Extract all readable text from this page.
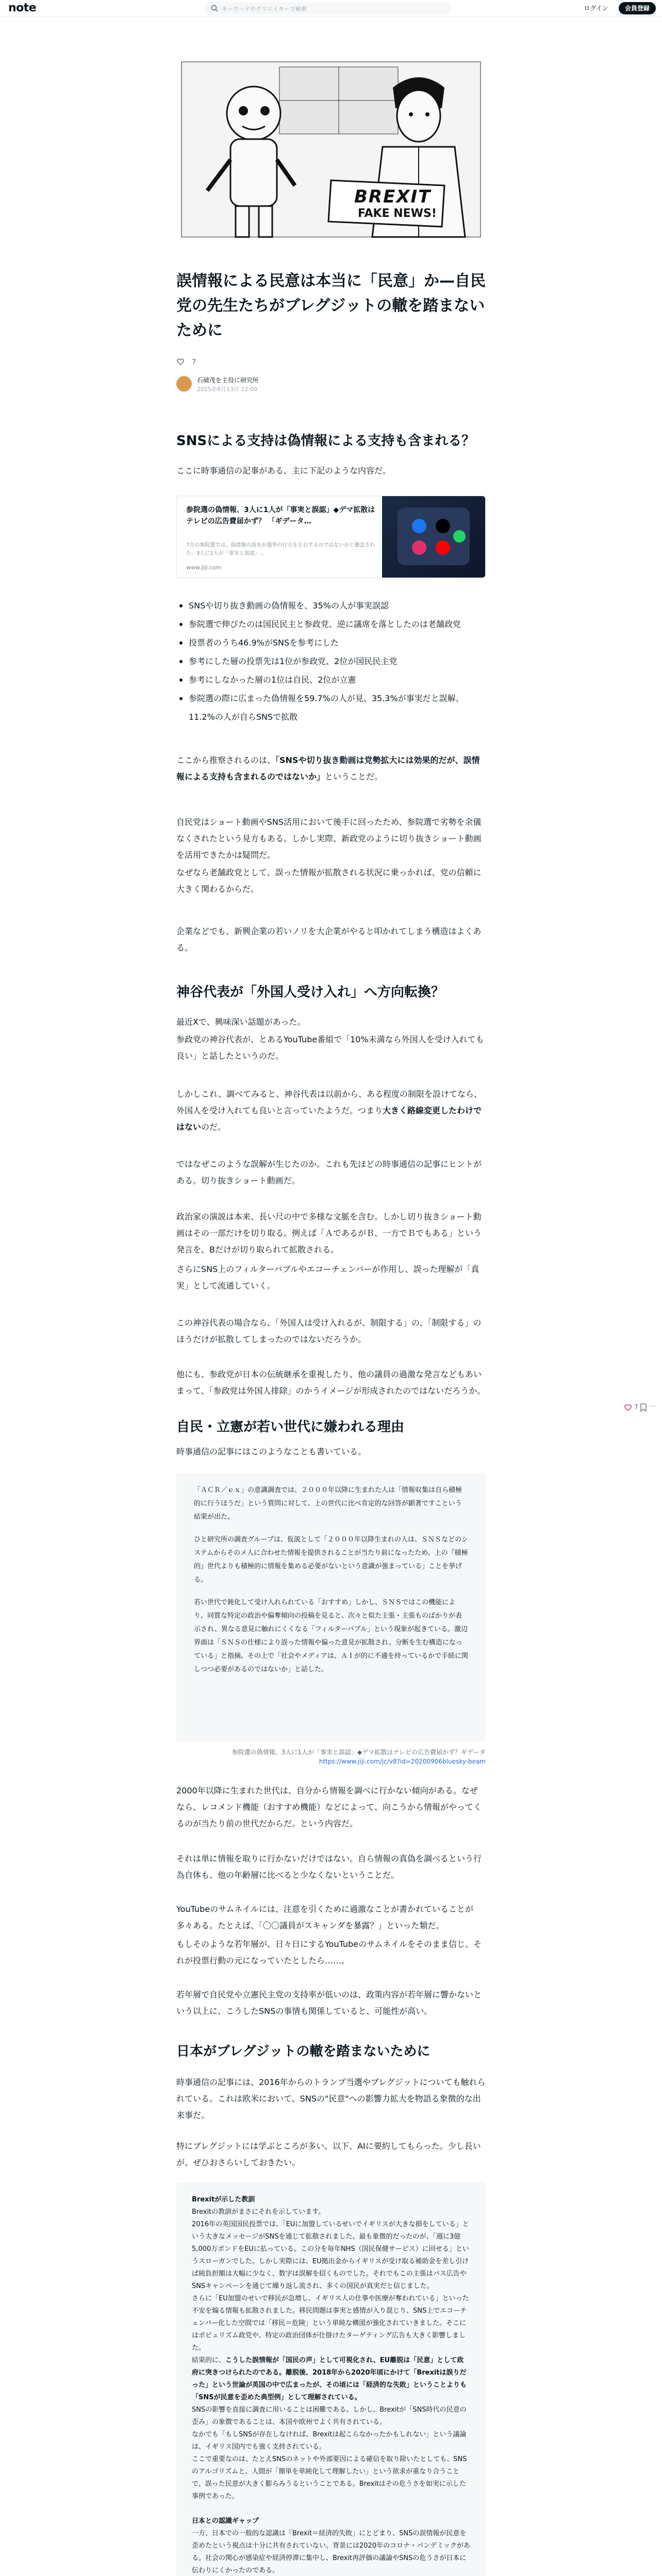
note	キーワードやクリエイターで検索	ログイン	会員登録
BREXIT
FAKE NEWS!
誤情報による民意は本当に「民意」か—自民党の先生たちがブレグジットの轍を踏まないために
7
石破茂を主役に研究所
2025年8月13日 12:00
SNSによる支持は偽情報による支持も含まれる？

ここに時事通信の記事がある。主に下記のような内容だ。

参院選の偽情報、3人に1人が「事実と誤認」◆デマ拡散はテレビの広告費届かず？ 「ギデータ…
7月の参院選では、偽情報の流布が選挙の行方を左右するのではないかと懸念された。3人に1人が「事実と誤認」…
www.jiji.com
SNSや切り抜き動画の偽情報を、35%の人が事実誤認
参院選で伸びたのは国民民主と参政党、逆に議席を落としたのは老舗政党
投票者のうち46.9%がSNSを参考にした
参考にした層の投票先は1位が参政党、2位が国民民主党
参考にしなかった層の1位は自民、2位が立憲
参院選の際に広まった偽情報を59.7%の人が見、35.3%が事実だと誤解、11.2%の人が自らSNSで拡散

ここから推察されるのは、「SNSや切り抜き動画は党勢拡大には効果的だが、誤情報による支持も含まれるのではないか」ということだ。

自民党はショート動画やSNS活用において後手に回ったため、参院選で劣勢を余儀なくされたという見方もある。しかし実際、新政党のように切り抜きショート動画を活用できたかは疑問だ。

なぜなら老舗政党として、誤った情報が拡散される状況に乗っかれば、党の信頼に大きく関わるからだ。

企業などでも、新興企業の若いノリを大企業がやると叩かれてしまう構造はよくある。

神谷代表が「外国人受け入れ」へ方向転換？

最近Xで、興味深い話題があった。

参政党の神谷代表が、とあるYouTube番組で「10%未満なら外国人を受け入れても良い」と話したというのだ。

しかしこれ、調べてみると、神谷代表は以前から、ある程度の制限を設けてなら、外国人を受け入れても良いと言っていたようだ。つまり大きく路線変更したわけではないのだ。

ではなぜこのような誤解が生じたのか。これも先ほどの時事通信の記事にヒントがある。切り抜きショート動画だ。

政治家の演説は本来、長い尺の中で多様な文脈を含む。しかし切り抜きショート動画はその一部だけを切り取る。例えば「ＡであるがＢ、一方でＢでもある」という発言を、Bだけが切り取られて拡散される。

さらにSNS上のフィルターバブルやエコーチェンバーが作用し、誤った理解が「真実」として流通していく。

この神谷代表の場合なら、「外国人は受け入れるが、制限する」の、「制限する」のほうだけが拡散してしまったのではないだろうか。

他にも、参政党が日本の伝統継承を重視したり、他の議員の過激な発言などもあいまって、「参政党は外国人排除」のかうイメージが形成されたのではないだろうか。

自民・立憲が若い世代に嫌われる理由

時事通信の記事にはこのようなことも書いている。

「ＡＣＲ／ｅｘ」の意識調査では、２０００年以降に生まれた人は「情報収集は自ら積極的に行うほうだ」という質問に対して、上の世代に比べ肯定的な回答が顕著ですこという結果が出た。

ひと研究所の調査グループは、仮説として「２０００年以降生まれの人は、ＳＮＳなどのシステムからそのメ人に合わせた情報を提供されることが当たり前になったため、上の『積極的』世代よりも積極的に情報を集める必要がないという意識が強まっている」ことを挙げる。

若い世代で鈍化して受け入れられている「おすすめ」しかし、ＳＮＳではこの機能により、同質な特定の政治や偏奪傾向の投稿を見ると、次々と似た主張・主張ものばかりが表示され、異なる意見に触れにくくなる「フィルターバブル」という現象が起きている。激辺界面は「ＳＮＳの仕様により誤った情報や偏った意見が拡散され、分断を生む構造になっている」と指摘。その上で「社会やメディアは、ＡＩが的に不適を持っているかで手続に関しつつ必要があるのではないか」と話した。

参院選の偽情報、3人に1人が「事実と誤認」◆デマ拡散はテレビの広告費届かず？ギデータ
https://www.jiji.com/jc/v8?id=20200906bluesky-beam

2000年以降に生まれた世代は、自分から情報を調べに行かない傾向がある。なぜなら、レコメンド機能（おすすめ機能）などによって、向こうから情報がやってくるのが当たり前の世代だからだ。という内容だ。

それは単に情報を取りに行かないだけではない。自ら情報の真偽を調べるという行為自体も、他の年齢層に比べると少なくないということだ。

YouTubeのサムネイルには、注意を引くために過激なことが書かれていることが多々ある。たとえば、「〇〇議員がスキャンダを暴露？」といった類だ。

もしそのような若年層が、日々日にするYouTubeのサムネイルをそのまま信じ、それが投票行動の元になっていたとしたら……。

若年層で自民党や立憲民主党の支持率が低いのは、政策内容が若年層に響かないという以上に、こうしたSNSの事情も関係していると、可能性が高い。

日本がブレグジットの轍を踏まないために

時事通信の記事には、2016年からのトランプ当選やブレグジットについても触れられている。これは欧米において、SNSの"民意"への影響力拡大を物語る象徴的な出来事だ。

特にブレグジットには学ぶところが多い。以下、AIに要約してもらった。少し長いが、ぜひおさらいしておきたい。

Brexitが示した教訓

Brexitの教訓がまさにそれを示しています。

2016年の英国国民投票では、「EUに加盟しているせいでイギリスが大きな損をしている」という大きなメッセージがSNSを通じて拡散されました。最も象徴的だったのが、「週に3億5,000万ポンドをEUに払っている。この分を毎年NHS（国民保健サービス）に回せる」というスローガンでした。しかし実際には、EU拠出金からイギリスが受け取る補助金を差し引けば純負担額は大幅に少なく、数字は誤解を招くものでした。それでもこの主張はバス広告やSNSキャンペーンを通じて繰り返し流され、多くの国民が真実だと信じました。

さらに「EU加盟のせいで移民が急増し、イギリス人の仕事や医療が奪われている」といった不安を煽る情報も拡散されました。移民問題は事実と感情が入り混じり、SNS上でエコーチェンバー化した空間では「移民＝危険」という単純な構図が強化されていきました。そこにはポピュリズム政党や、特定の政治団体が仕掛けたターゲティング広告も大きく影響しました。

結果的に、こうした誤情報が「国民の声」として可視化され、EU離脱は「民意」として政府に突きつけられたのである。離脱後、2018年から2020年頃にかけて「Brexitは誤りだった」という世論が英国の中で広まったが、その頃には「経済的な失敗」ということよりも「SNSが民意を歪めた典型例」として理解されている。

SNSの影響を直接に調査に用いることは困難である。しかし、Brexitが「SNS時代の民意の歪み」の象徴であることは、本国や欧州でよく共有されている。

なかでも「もしSNSが存在しなければ、Brexitは起こらなかったかもしれない」という議論は、イギリス国内でも強く支持されている。

ここで重要なのは、たとえSNSのネットや外部要因による確信を取り除いたとしても、SNSのアルゴリズムと、人間が「簡単を単純化して理解したい」という欲求が重なり合うことで、誤った民意が大きく膨らみうるということである。Brexitはその危うさを如実に示した事例であった。

日本との認識ギャップ

一方、日本での一般的な認識は「Brexit＝経済的失敗」にとどまり、SNSの誤情報が民意を歪めたという視点は十分に共有されていない。背景には2020年のコロナ・パンデミックがある。社会の関心が感染症や経済停滞に集中し、Brexit再評価の議論やSNSの危うさが日本に伝わりにくかったのである。

7 ⋯
